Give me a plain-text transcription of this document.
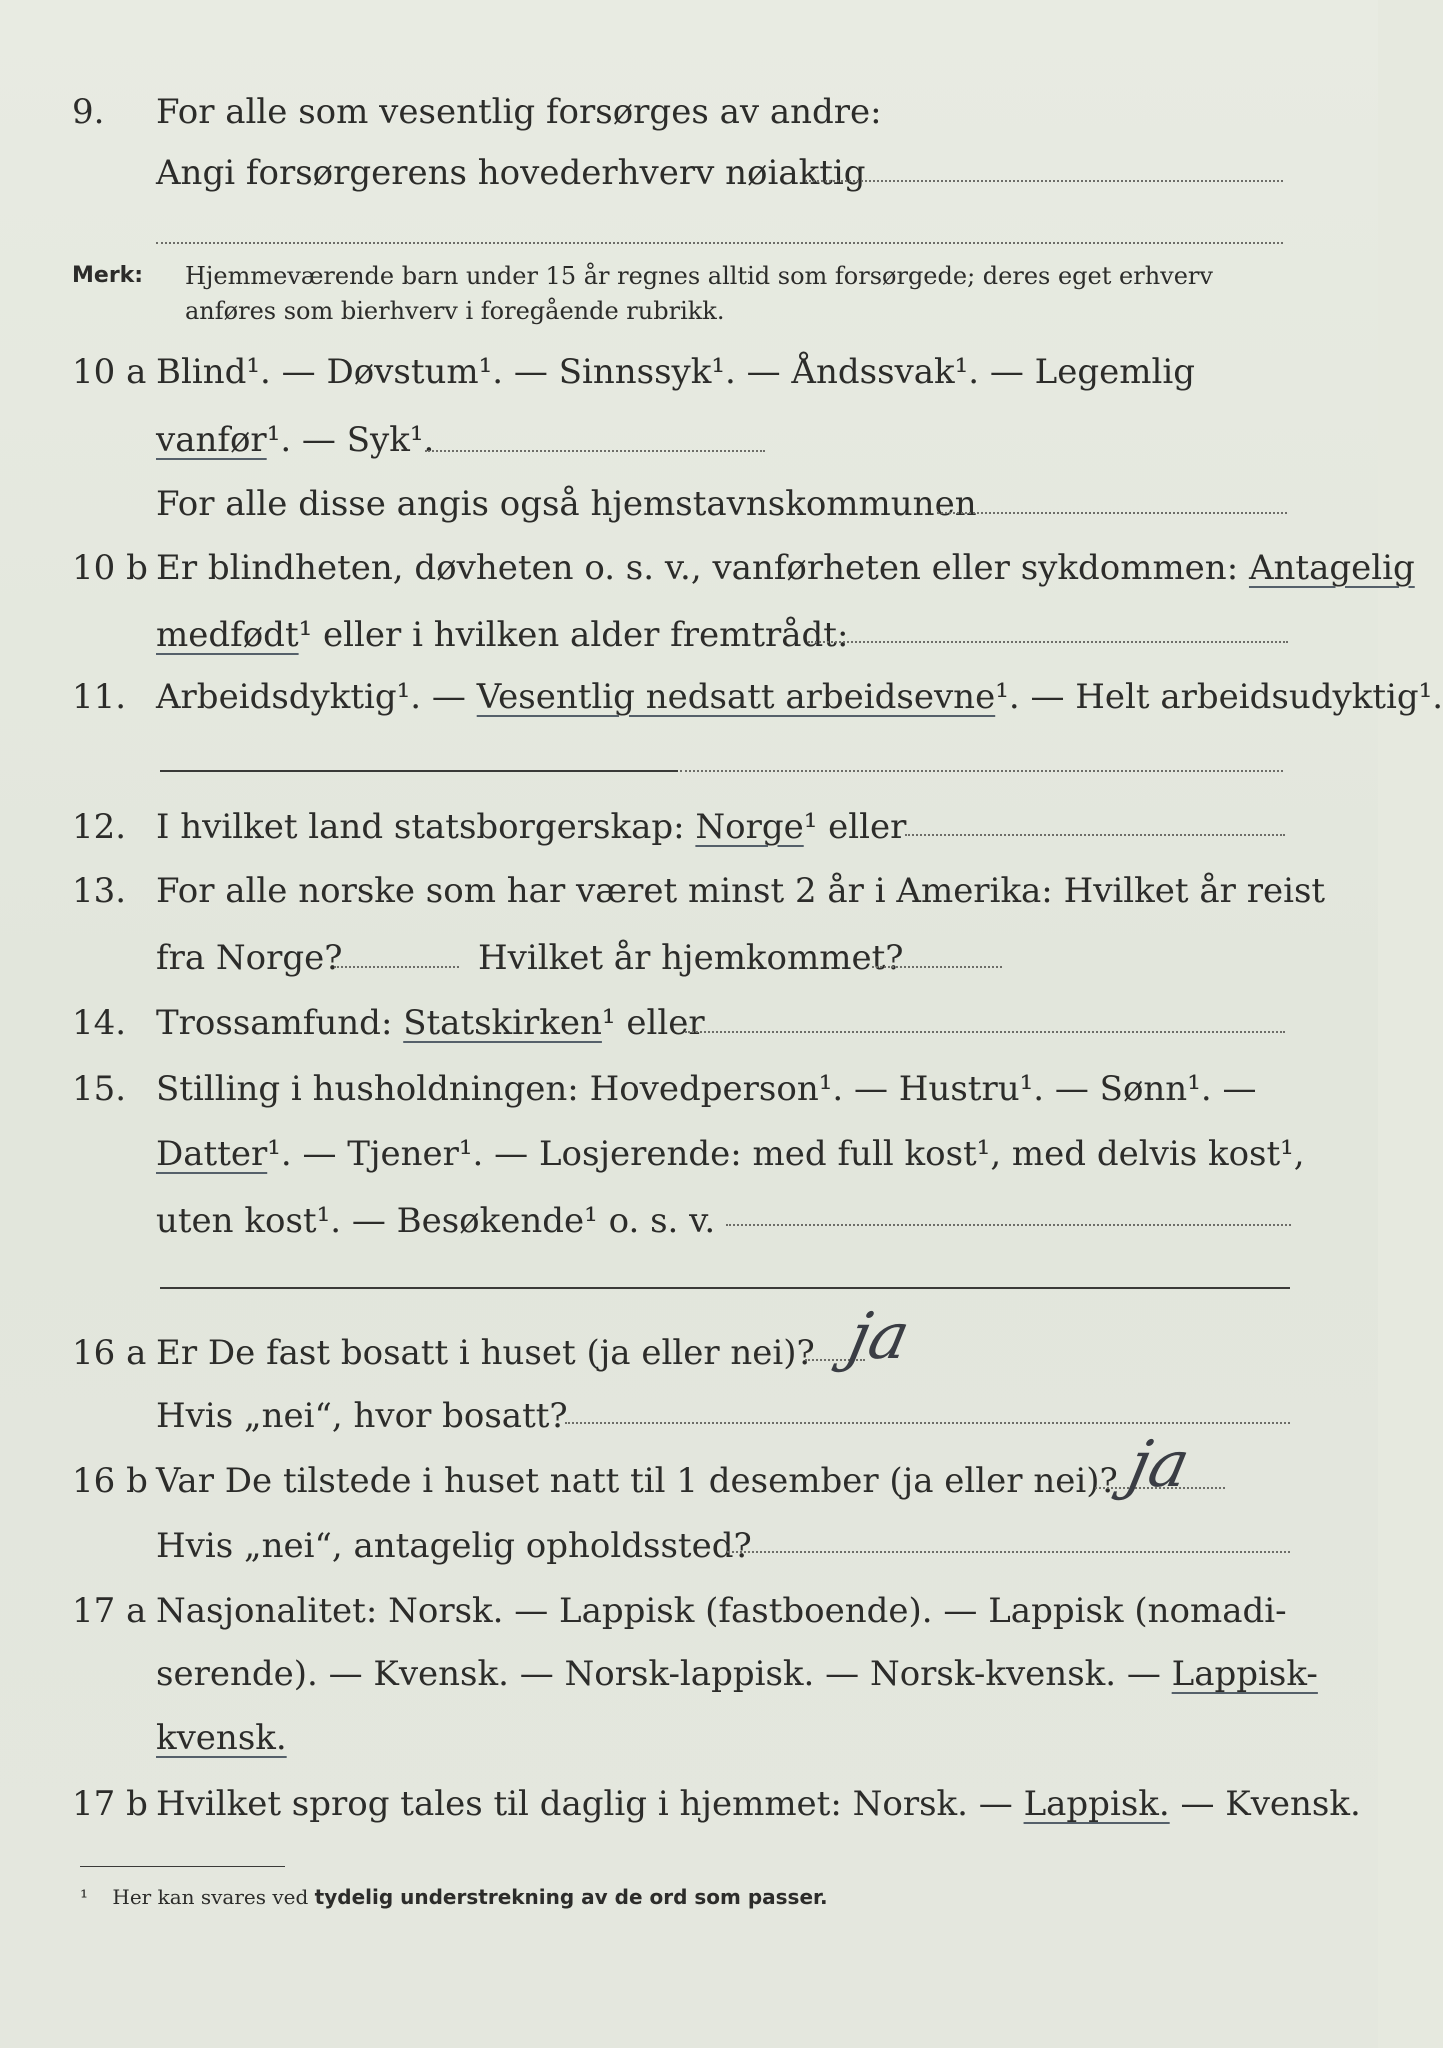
9. For alle som vesentlig forsørges av andre:
Angi forsørgerens hovederhverv nøiaktig
Merk: Hjemmeværende barn under 15 år regnes alltid som forsørgede; deres eget erhverv
anføres som bierhverv i foregående rubrikk.
10 a Blind¹. — Døvstum¹. — Sinnssyk¹. — Åndssvak¹. — Legemlig
vanfør¹. — Syk¹.
For alle disse angis også hjemstavnskommunen
10 b Er blindheten, døvheten o. s. v., vanførheten eller sykdommen: Antagelig
medfødt¹ eller i hvilken alder fremtrådt:
11. Arbeidsdyktig¹. — Vesentlig nedsatt arbeidsevne¹. — Helt arbeidsudyktig¹.
12. I hvilket land statsborgerskap: Norge¹ eller
13. For alle norske som har været minst 2 år i Amerika: Hvilket år reist
fra Norge?	Hvilket år hjemkommet?
14. Trossamfund: Statskirken¹ eller
15. Stilling i husholdningen: Hovedperson¹. — Hustru¹. — Sønn¹. —
Datter¹. — Tjener¹. — Losjerende: med full kost¹, med delvis kost¹,
uten kost¹. — Besøkende¹ o. s. v.
16 a Er De fast bosatt i huset (ja eller nei)? ja
Hvis „nei“, hvor bosatt?
16 b Var De tilstede i huset natt til 1 desember (ja eller nei)? ja
Hvis „nei“, antagelig opholdssted?
17 a Nasjonalitet: Norsk. — Lappisk (fastboende). — Lappisk (nomadi-
serende). — Kvensk. — Norsk-lappisk. — Norsk-kvensk. — Lappisk-
kvensk.
17 b Hvilket sprog tales til daglig i hjemmet: Norsk. — Lappisk. — Kvensk.
¹ Her kan svares ved tydelig understrekning av de ord som passer.
